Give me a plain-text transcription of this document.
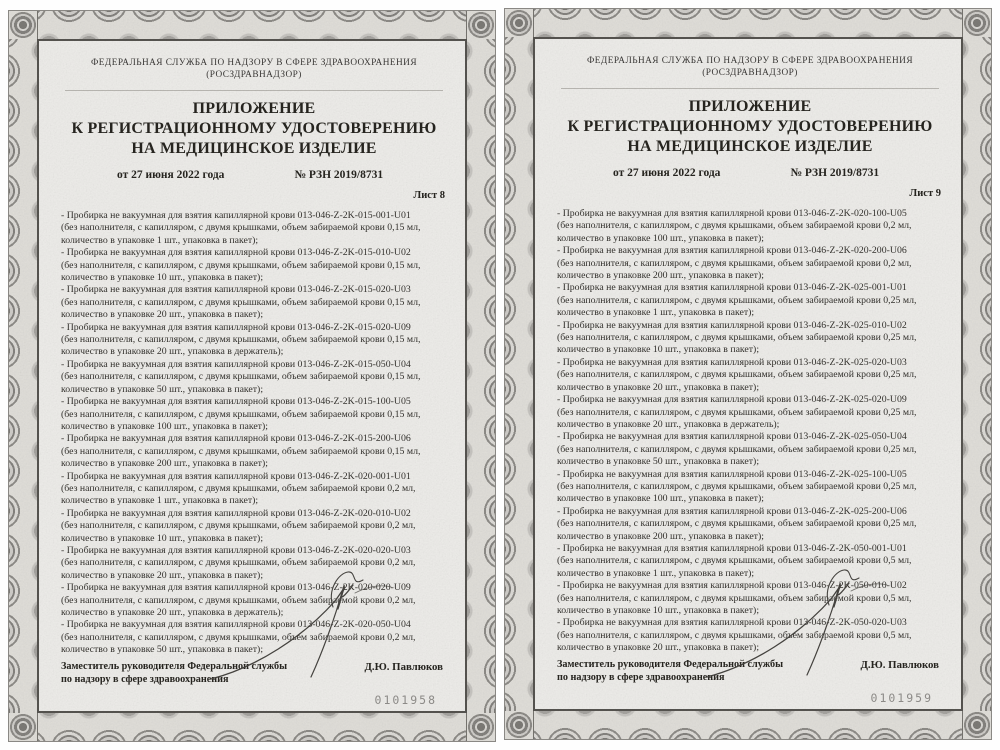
ФЕДЕРАЛЬНАЯ СЛУЖБА ПО НАДЗОРУ В СФЕРЕ ЗДРАВООХРАНЕНИЯ
(РОСЗДРАВНАДЗОР)
ПРИЛОЖЕНИЕ
К РЕГИСТРАЦИОННОМУ УДОСТОВЕРЕНИЮ
НА МЕДИЦИНСКОЕ ИЗДЕЛИЕ
от 27 июня 2022 года	№ РЗН 2019/8731
Лист 8
- Пробирка не вакуумная для взятия капиллярной крови 013-046-Z-2K-015-001-U01
(без наполнителя, с капилляром, с двумя крышками, объем забираемой крови 0,15 мл,
количество в упаковке 1 шт., упаковка в пакет);
- Пробирка не вакуумная для взятия капиллярной крови 013-046-Z-2K-015-010-U02
(без наполнителя, с капилляром, с двумя крышками, объем забираемой крови 0,15 мл,
количество в упаковке 10 шт., упаковка в пакет);
- Пробирка не вакуумная для взятия капиллярной крови 013-046-Z-2K-015-020-U03
(без наполнителя, с капилляром, с двумя крышками, объем забираемой крови 0,15 мл,
количество в упаковке 20 шт., упаковка в пакет);
- Пробирка не вакуумная для взятия капиллярной крови 013-046-Z-2K-015-020-U09
(без наполнителя, с капилляром, с двумя крышками, объем забираемой крови 0,15 мл,
количество в упаковке 20 шт., упаковка в держатель);
- Пробирка не вакуумная для взятия капиллярной крови 013-046-Z-2K-015-050-U04
(без наполнителя, с капилляром, с двумя крышками, объем забираемой крови 0,15 мл,
количество в упаковке 50 шт., упаковка в пакет);
- Пробирка не вакуумная для взятия капиллярной крови 013-046-Z-2K-015-100-U05
(без наполнителя, с капилляром, с двумя крышками, объем забираемой крови 0,15 мл,
количество в упаковке 100 шт., упаковка в пакет);
- Пробирка не вакуумная для взятия капиллярной крови 013-046-Z-2K-015-200-U06
(без наполнителя, с капилляром, с двумя крышками, объем забираемой крови 0,15 мл,
количество в упаковке 200 шт., упаковка в пакет);
- Пробирка не вакуумная для взятия капиллярной крови 013-046-Z-2K-020-001-U01
(без наполнителя, с капилляром, с двумя крышками, объем забираемой крови 0,2 мл,
количество в упаковке 1 шт., упаковка в пакет);
- Пробирка не вакуумная для взятия капиллярной крови 013-046-Z-2K-020-010-U02
(без наполнителя, с капилляром, с двумя крышками, объем забираемой крови 0,2 мл,
количество в упаковке 10 шт., упаковка в пакет);
- Пробирка не вакуумная для взятия капиллярной крови 013-046-Z-2K-020-020-U03
(без наполнителя, с капилляром, с двумя крышками, объем забираемой крови 0,2 мл,
количество в упаковке 20 шт., упаковка в пакет);
- Пробирка не вакуумная для взятия капиллярной крови 013-046-Z-2K-020-020-U09
(без наполнителя, с капилляром, с двумя крышками, объем забираемой крови 0,2 мл,
количество в упаковке 20 шт., упаковка в держатель);
- Пробирка не вакуумная для взятия капиллярной крови 013-046-Z-2K-020-050-U04
(без наполнителя, с капилляром, с двумя крышками, объем забираемой крови 0,2 мл,
количество в упаковке 50 шт., упаковка в пакет);
Заместитель руководителя Федеральной службы
по надзору в сфере здравоохранения
Д.Ю. Павлюков
0101958
ФЕДЕРАЛЬНАЯ СЛУЖБА ПО НАДЗОРУ В СФЕРЕ ЗДРАВООХРАНЕНИЯ
(РОСЗДРАВНАДЗОР)
ПРИЛОЖЕНИЕ
К РЕГИСТРАЦИОННОМУ УДОСТОВЕРЕНИЮ
НА МЕДИЦИНСКОЕ ИЗДЕЛИЕ
от 27 июня 2022 года	№ РЗН 2019/8731
Лист 9
- Пробирка не вакуумная для взятия капиллярной крови 013-046-Z-2K-020-100-U05
(без наполнителя, с капилляром, с двумя крышками, объем забираемой крови 0,2 мл,
количество в упаковке 100 шт., упаковка в пакет);
- Пробирка не вакуумная для взятия капиллярной крови 013-046-Z-2K-020-200-U06
(без наполнителя, с капилляром, с двумя крышками, объем забираемой крови 0,2 мл,
количество в упаковке 200 шт., упаковка в пакет);
- Пробирка не вакуумная для взятия капиллярной крови 013-046-Z-2K-025-001-U01
(без наполнителя, с капилляром, с двумя крышками, объем забираемой крови 0,25 мл,
количество в упаковке 1 шт., упаковка в пакет);
- Пробирка не вакуумная для взятия капиллярной крови 013-046-Z-2K-025-010-U02
(без наполнителя, с капилляром, с двумя крышками, объем забираемой крови 0,25 мл,
количество в упаковке 10 шт., упаковка в пакет);
- Пробирка не вакуумная для взятия капиллярной крови 013-046-Z-2K-025-020-U03
(без наполнителя, с капилляром, с двумя крышками, объем забираемой крови 0,25 мл,
количество в упаковке 20 шт., упаковка в пакет);
- Пробирка не вакуумная для взятия капиллярной крови 013-046-Z-2K-025-020-U09
(без наполнителя, с капилляром, с двумя крышками, объем забираемой крови 0,25 мл,
количество в упаковке 20 шт., упаковка в держатель);
- Пробирка не вакуумная для взятия капиллярной крови 013-046-Z-2K-025-050-U04
(без наполнителя, с капилляром, с двумя крышками, объем забираемой крови 0,25 мл,
количество в упаковке 50 шт., упаковка в пакет);
- Пробирка не вакуумная для взятия капиллярной крови 013-046-Z-2K-025-100-U05
(без наполнителя, с капилляром, с двумя крышками, объем забираемой крови 0,25 мл,
количество в упаковке 100 шт., упаковка в пакет);
- Пробирка не вакуумная для взятия капиллярной крови 013-046-Z-2K-025-200-U06
(без наполнителя, с капилляром, с двумя крышками, объем забираемой крови 0,25 мл,
количество в упаковке 200 шт., упаковка в пакет);
- Пробирка не вакуумная для взятия капиллярной крови 013-046-Z-2K-050-001-U01
(без наполнителя, с капилляром, с двумя крышками, объем забираемой крови 0,5 мл,
количество в упаковке 1 шт., упаковка в пакет);
- Пробирка не вакуумная для взятия капиллярной крови 013-046-Z-2K-050-010-U02
(без наполнителя, с капилляром, с двумя крышками, объем забираемой крови 0,5 мл,
количество в упаковке 10 шт., упаковка в пакет);
- Пробирка не вакуумная для взятия капиллярной крови 013-046-Z-2K-050-020-U03
(без наполнителя, с капилляром, с двумя крышками, объем забираемой крови 0,5 мл,
количество в упаковке 20 шт., упаковка в пакет);
Заместитель руководителя Федеральной службы
по надзору в сфере здравоохранения
Д.Ю. Павлюков
0101959
